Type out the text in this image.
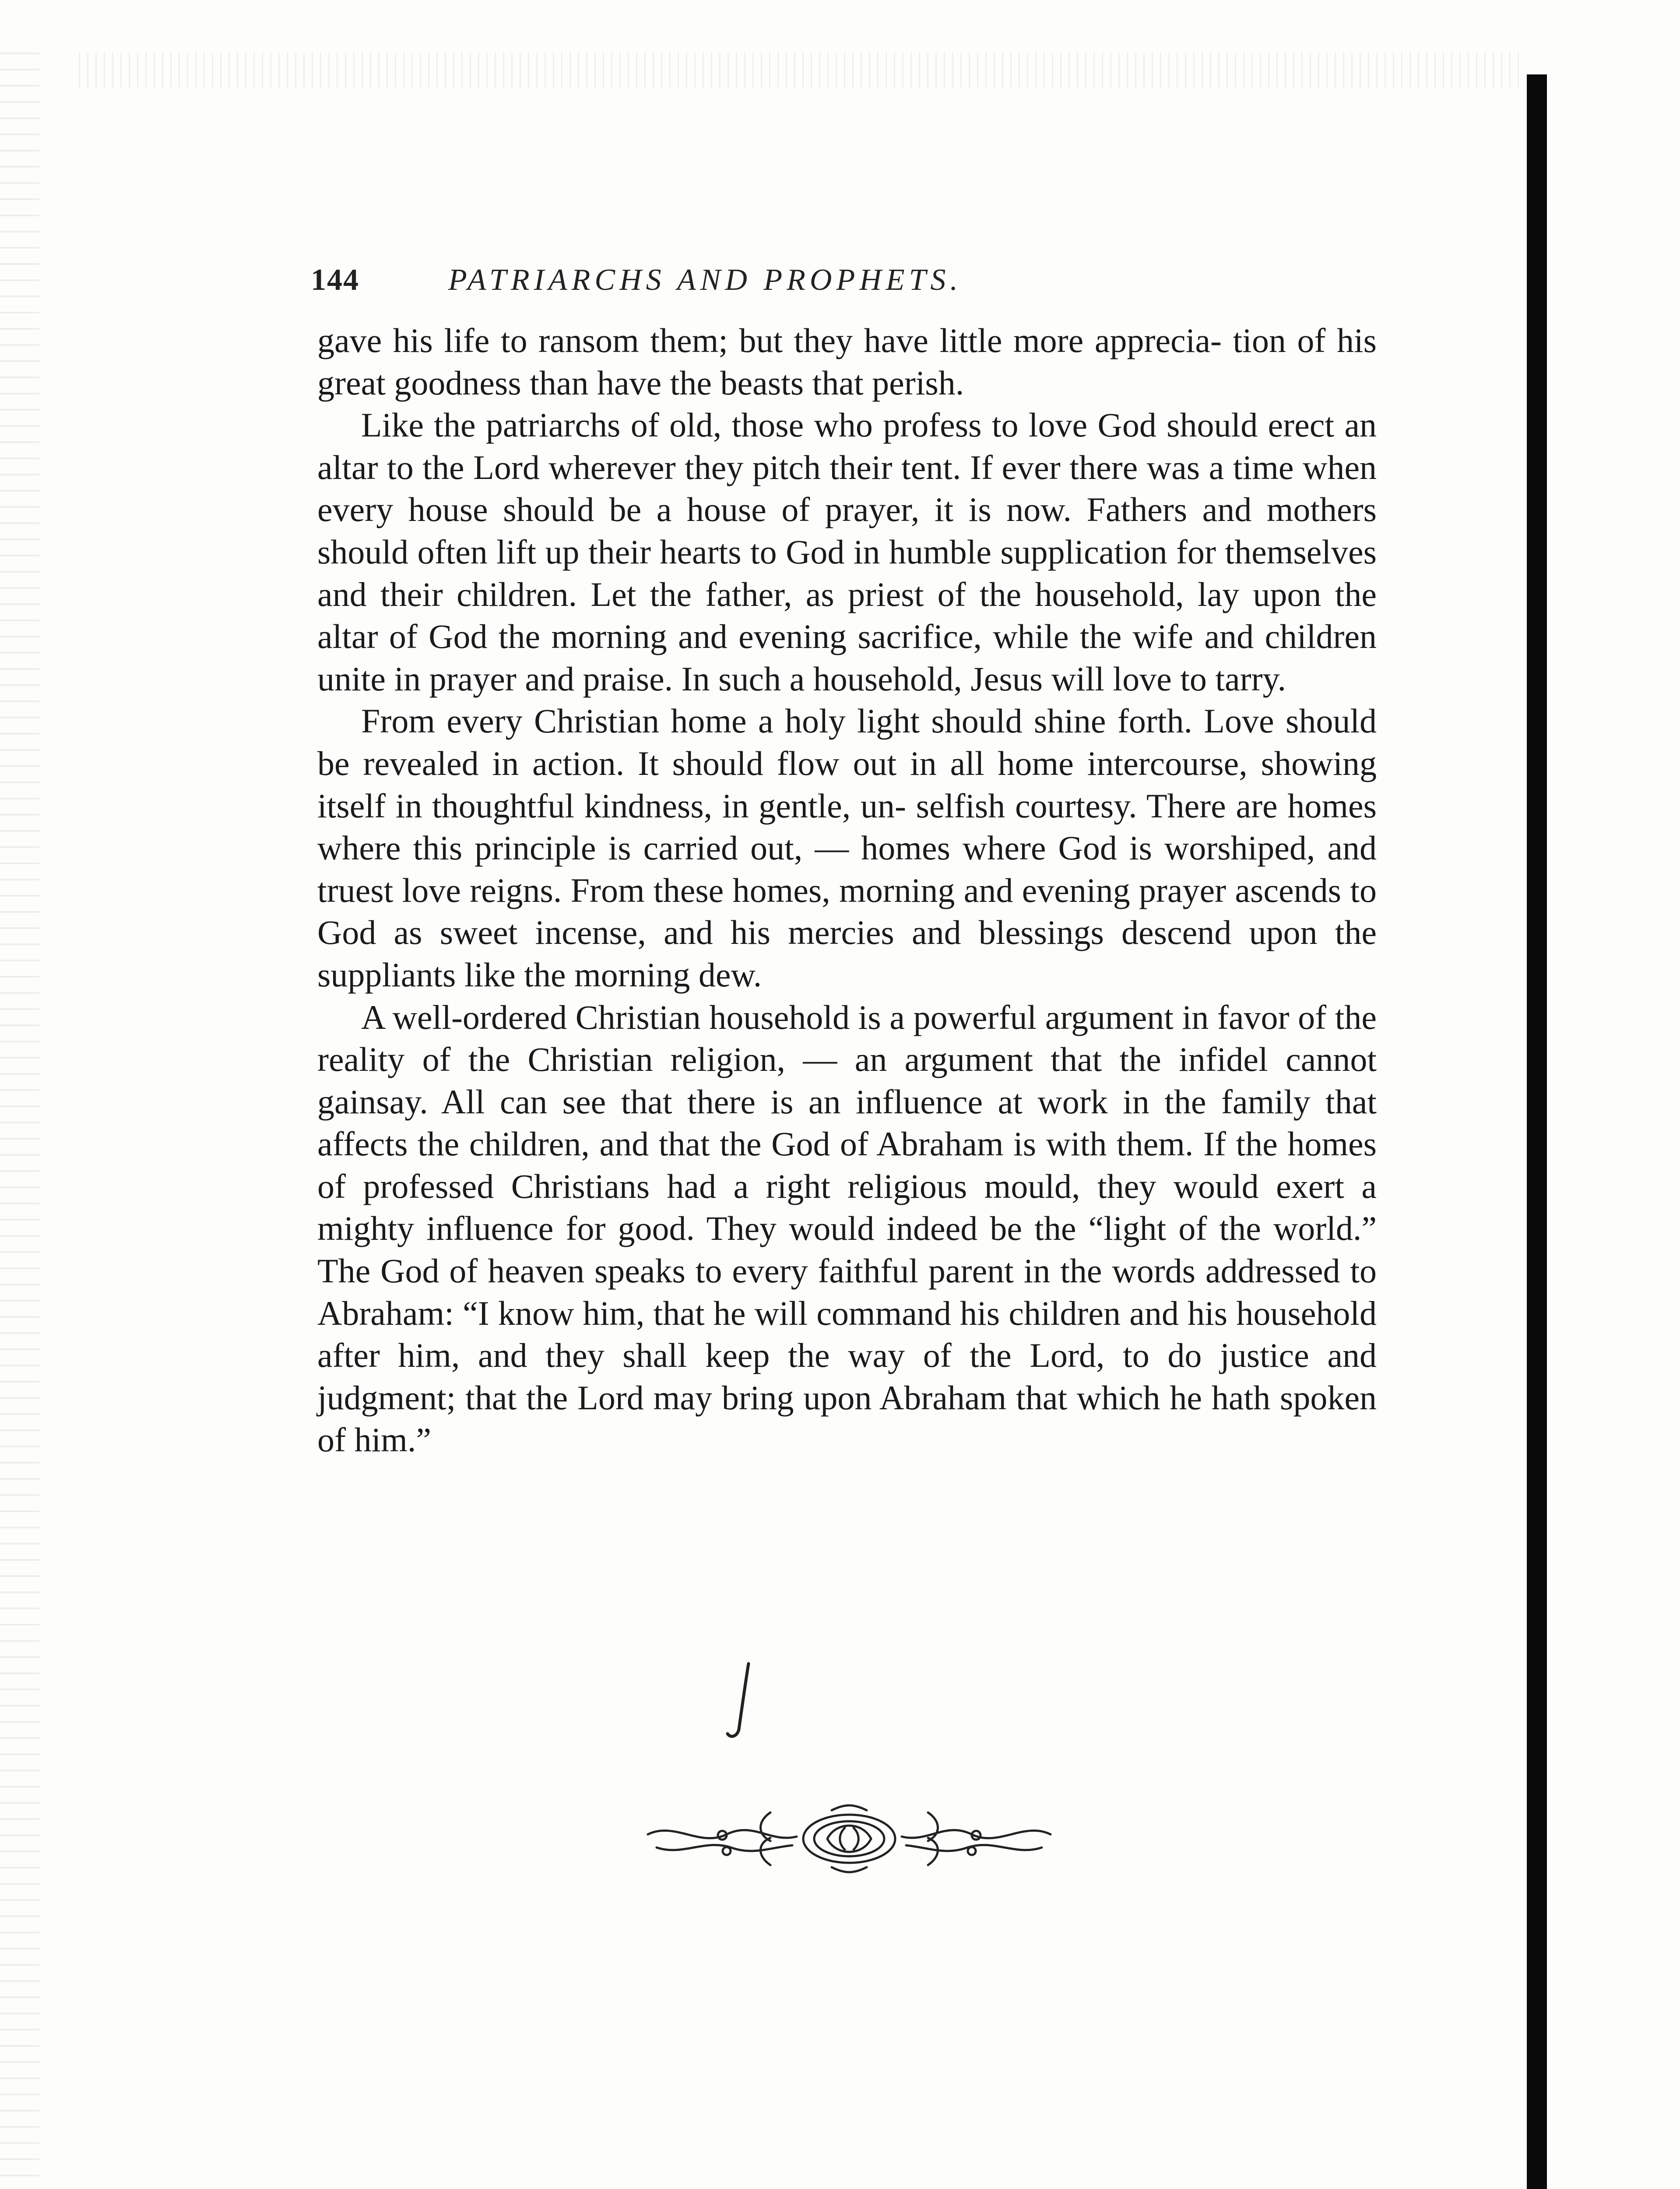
144	PATRIARCHS AND PROPHETS.

gave his life to ransom them; but they have little more apprecia- tion of his great goodness than have the beasts that perish.

Like the patriarchs of old, those who profess to love God should erect an altar to the Lord wherever they pitch their tent. If ever there was a time when every house should be a house of prayer, it is now. Fathers and mothers should often lift up their hearts to God in humble supplication for themselves and their children. Let the father, as priest of the household, lay upon the altar of God the morning and evening sacrifice, while the wife and children unite in prayer and praise. In such a household, Jesus will love to tarry.

From every Christian home a holy light should shine forth. Love should be revealed in action. It should flow out in all home intercourse, showing itself in thoughtful kindness, in gentle, un- selfish courtesy. There are homes where this principle is carried out, — homes where God is worshiped, and truest love reigns. From these homes, morning and evening prayer ascends to God as sweet incense, and his mercies and blessings descend upon the suppliants like the morning dew.

A well-ordered Christian household is a powerful argument in favor of the reality of the Christian religion, — an argument that the infidel cannot gainsay. All can see that there is an influence at work in the family that affects the children, and that the God of Abraham is with them. If the homes of professed Christians had a right religious mould, they would exert a mighty influence for good. They would indeed be the “light of the world.” The God of heaven speaks to every faithful parent in the words addressed to Abraham: “I know him, that he will command his children and his household after him, and they shall keep the way of the Lord, to do justice and judgment; that the Lord may bring upon Abraham that which he hath spoken of him.”
